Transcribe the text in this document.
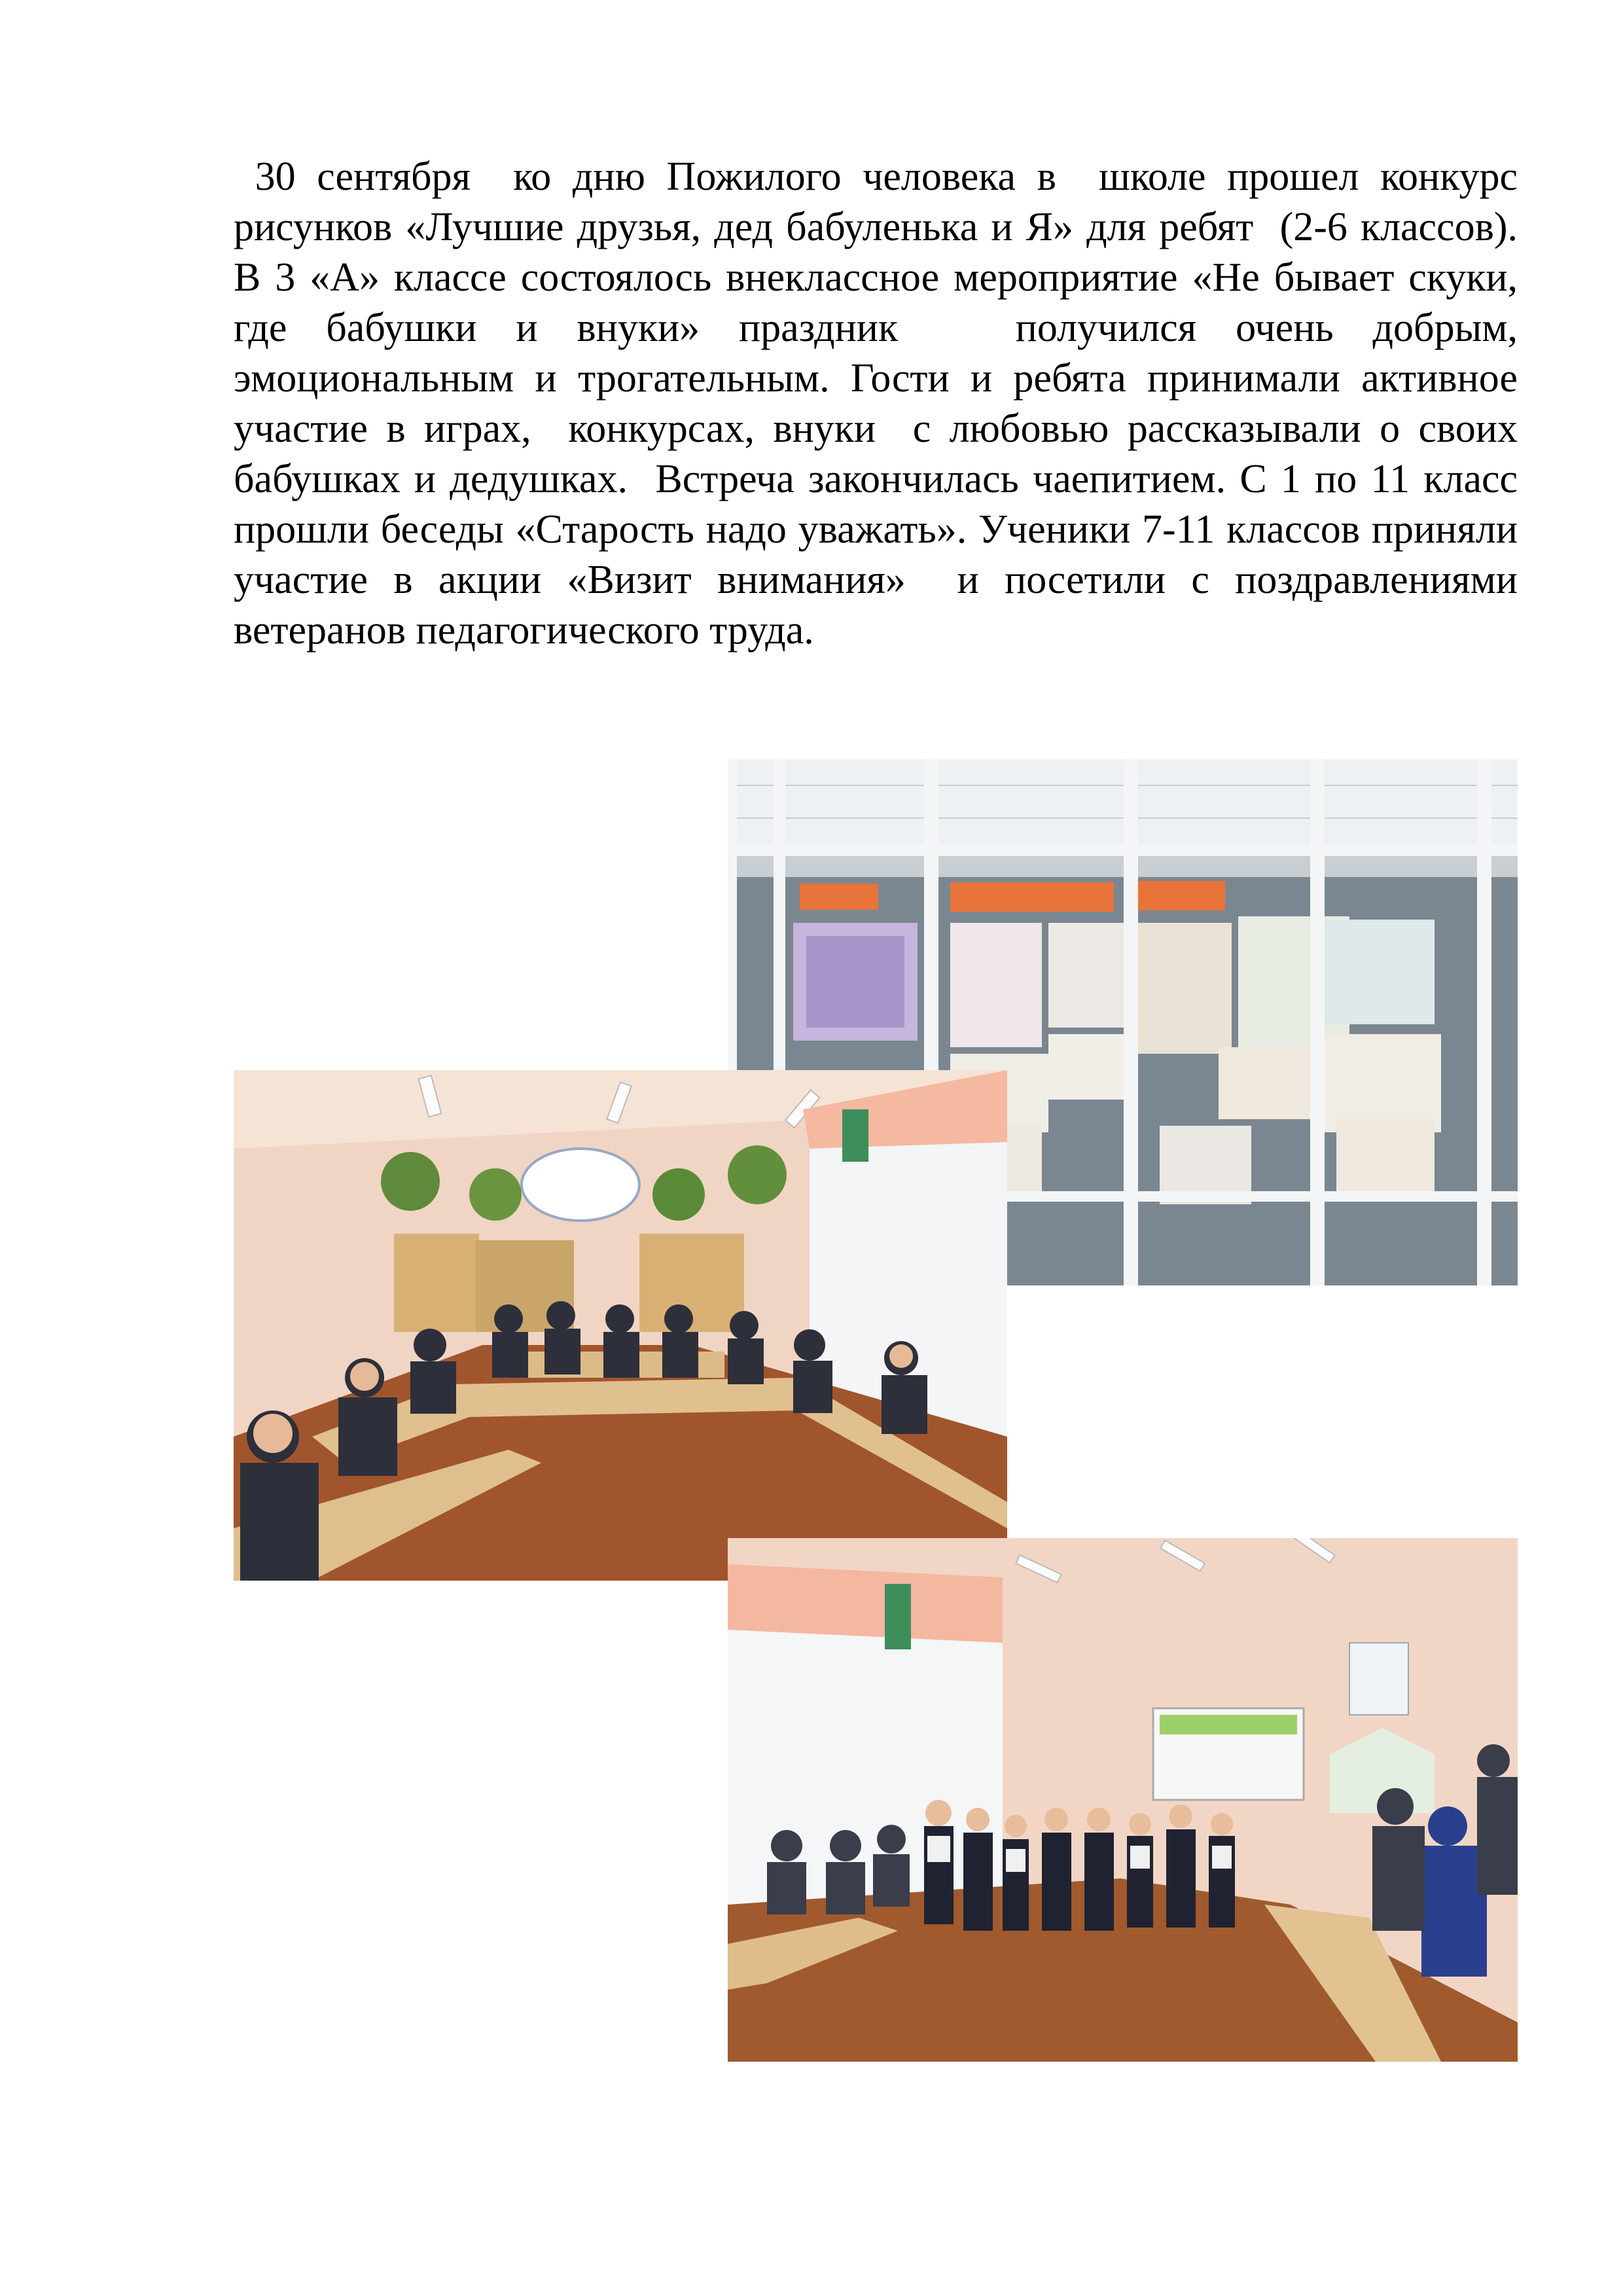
30 сентября  ко дню Пожилого человека в  школе прошел конкурс рисунков «Лучшие друзья, дед бабуленька и Я» для ребят  (2-6 классов). В 3 «А» классе состоялось внеклассное мероприятие «Не бывает скуки, где бабушки и внуки» праздник   получился очень добрым, эмоциональным и трогательным. Гости и ребята принимали активное участие в играх,  конкурсах, внуки  с любовью рассказывали о своих  бабушках и дедушках.  Встреча закончилась чаепитием. С 1 по 11 класс  прошли беседы «Старость надо уважать». Ученики 7-11 классов приняли участие в акции «Визит внимания»  и посетили с поздравлениями ветеранов педагогического труда.
